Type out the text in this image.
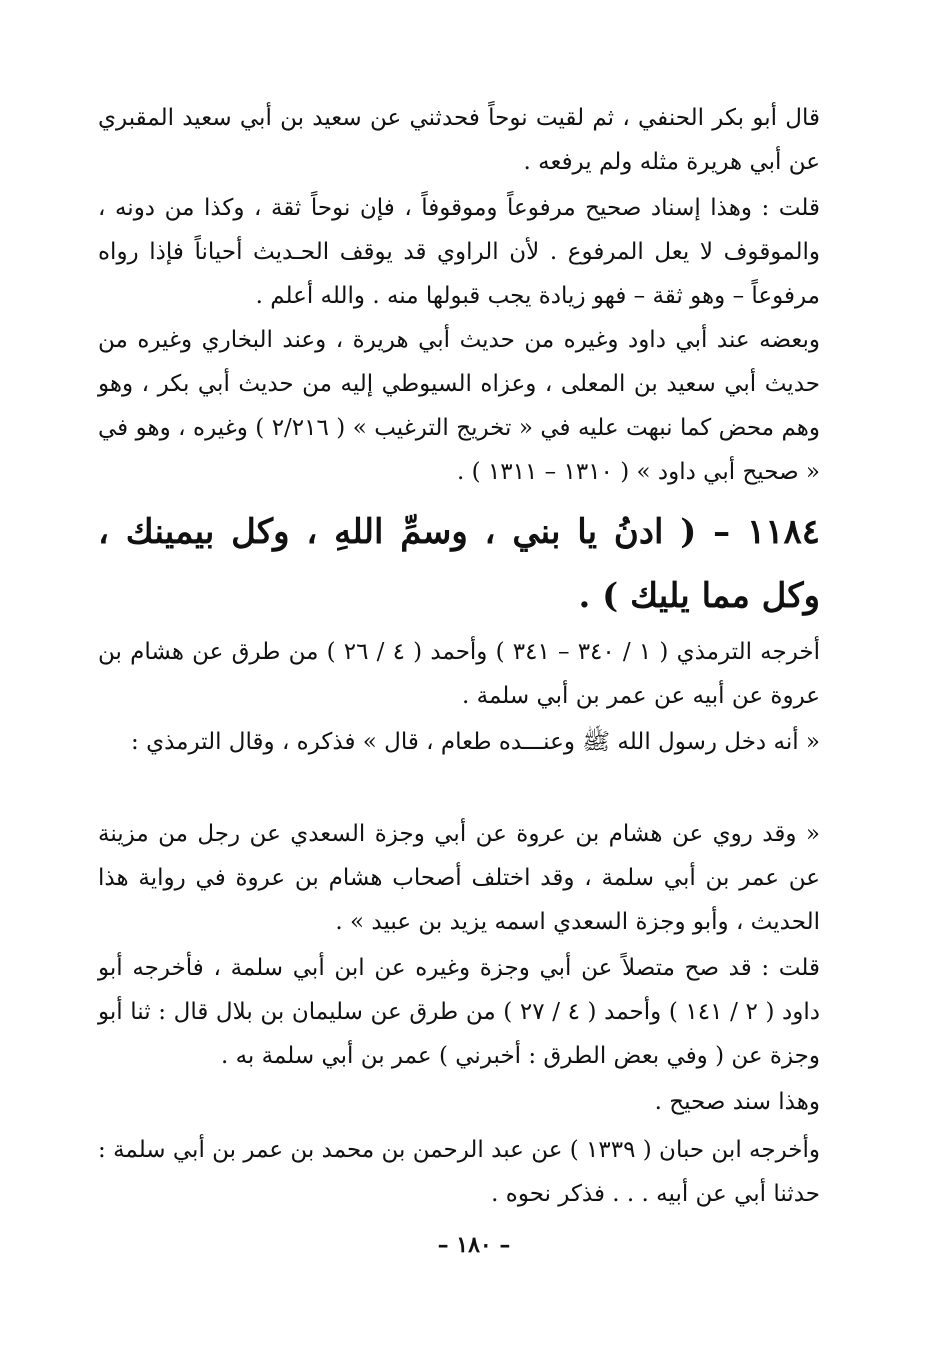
قال أبو بكر الحنفي ، ثم لقيت نوحاً فحدثني عن سعيد بن أبي سعيد المقبري عن أبي هريرة مثله ولم يرفعه .

قلت : وهذا إسناد صحيح مرفوعاً وموقوفاً ، فإن نوحاً ثقة ، وكذا من دونه ، والموقوف لا يعل المرفوع . لأن الراوي قد يوقف الحـديث أحياناً فإذا رواه مرفوعاً – وهو ثقة – فهو زيادة يجب قبولها منه . والله أعلم .

وبعضه عند أبي داود وغيره من حديث أبي هريرة ، وعند البخاري وغيره من حديث أبي سعيد بن المعلى ، وعزاه السيوطي إليه من حديث أبي بكر ، وهو وهم محض كما نبهت عليه في « تخريج الترغيب » ( ٢/٢١٦ ) وغيره ، وهو في « صحيح أبي داود » ( ١٣١٠ – ١٣١١ ) .

١١٨٤ – ( ادنُ يا بني ، وسمِّ اللهِ ، وكل بيمينك ، وكل مما يليك ) .

أخرجه الترمذي ( ١ / ٣٤٠ – ٣٤١ ) وأحمد ( ٤ / ٢٦ ) من طرق عن هشام بن عروة عن أبيه عن عمر بن أبي سلمة .

« أنه دخل رسول الله ﷺ وعنـــده طعام ، قال » فذكره ، وقال الترمذي :

« وقد روي عن هشام بن عروة عن أبي وجزة السعدي عن رجل من مزينة عن عمر بن أبي سلمة ، وقد اختلف أصحاب هشام بن عروة في رواية هذا الحديث ، وأبو وجزة السعدي اسمه يزيد بن عبيد » .

قلت : قد صح متصلاً عن أبي وجزة وغيره عن ابن أبي سلمة ، فأخرجه أبو داود ( ٢ / ١٤١ ) وأحمد ( ٤ / ٢٧ ) من طرق عن سليمان بن بلال قال : ثنا أبو وجزة عن ( وفي بعض الطرق : أخبرني ) عمر بن أبي سلمة به .

وهذا سند صحيح .

وأخرجه ابن حبان ( ١٣٣٩ ) عن عبد الرحمن بن محمد بن عمر بن أبي سلمة : حدثنا أبي عن أبيه . . . فذكر نحوه .

– ١٨٠ –
